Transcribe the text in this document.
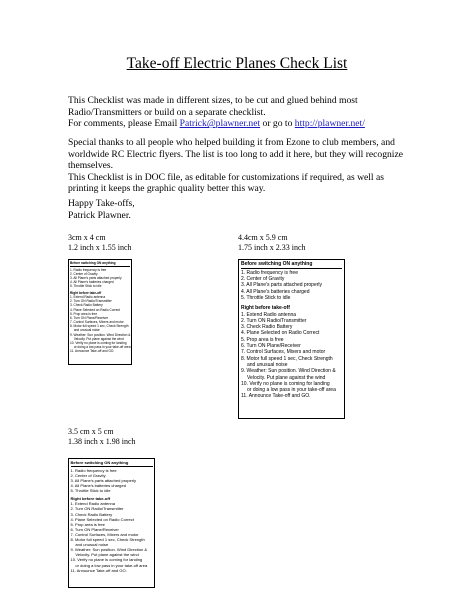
Take-off Electric Planes Check List
This Checklist was made in different sizes, to be cut and glued behind most Radio/Transmitters or build on a separate checklist.
For comments, please Email Patrick@plawner.net or go to http://plawner.net/
Special thanks to all people who helped building it from Ezone to club members, and worldwide RC Electric flyers. The list is too long to add it here, but they will recognize themselves.
This Checklist is in DOC file, as editable for customizations if required, as well as printing it keeps the graphic quality better this way.
Happy Take-offs,
Patrick Plawner.
3cm x 4 cm
1.2 inch x 1.55 inch
4.4cm x 5.9 cm
1.75 inch x 2.33 inch
3.5 cm x 5 cm
1.38 inch x 1.98 inch
Before switching ON anything
1. Radio frequency is free
2. Center of Gravity
3. All Plane's parts attached properly
4. All Plane's batteries charged
5. Throttle Stick to idle
Right before take-off
1. Extend Radio antenna
2. Turn ON Radio/Transmitter
3. Check Radio Battery
4. Plane Selected on Radio Correct
5. Prop area is free
6. Turn ON Plane/Receiver
7. Control Surfaces, Mixers and motor
8. Motor full speed 1 sec, Check Strength
and unusual noise
9. Weather: Sun position. Wind Direction &
Velocity. Put plane against the wind
10. Verify no plane is coming for landing
or doing a low pass in your take-off area
11. Announce Take-off and GO.
Before switching ON anything
1. Radio frequency is free
2. Center of Gravity
3. All Plane's parts attached properly
4. All Plane's batteries charged
5. Throttle Stick to idle
Right before take-off
1. Extend Radio antenna
2. Turn ON Radio/Transmitter
3. Check Radio Battery
4. Plane Selected on Radio Correct
5. Prop area is free
6. Turn ON Plane/Receiver
7. Control Surfaces, Mixers and motor
8. Motor full speed 1 sec, Check Strength
and unusual noise
9. Weather: Sun position. Wind Direction &
Velocity. Put plane against the wind
10. Verify no plane is coming for landing
or doing a low pass in your take-off area
11. Announce Take-off and GO.
Before switching ON anything
1. Radio frequency is free
2. Center of Gravity
3. All Plane's parts attached properly
4. All Plane's batteries charged
5. Throttle Stick to idle
Right before take-off
1. Extend Radio antenna
2. Turn ON Radio/Transmitter
3. Check Radio Battery
4. Plane Selected on Radio Correct
5. Prop area is free
6. Turn ON Plane/Receiver
7. Control Surfaces, Mixers and motor
8. Motor full speed 1 sec, Check Strength
and unusual noise
9. Weather: Sun position. Wind Direction &
Velocity. Put plane against the wind
10. Verify no plane is coming for landing
or doing a low pass in your take-off area
11. Announce Take-off and GO.
